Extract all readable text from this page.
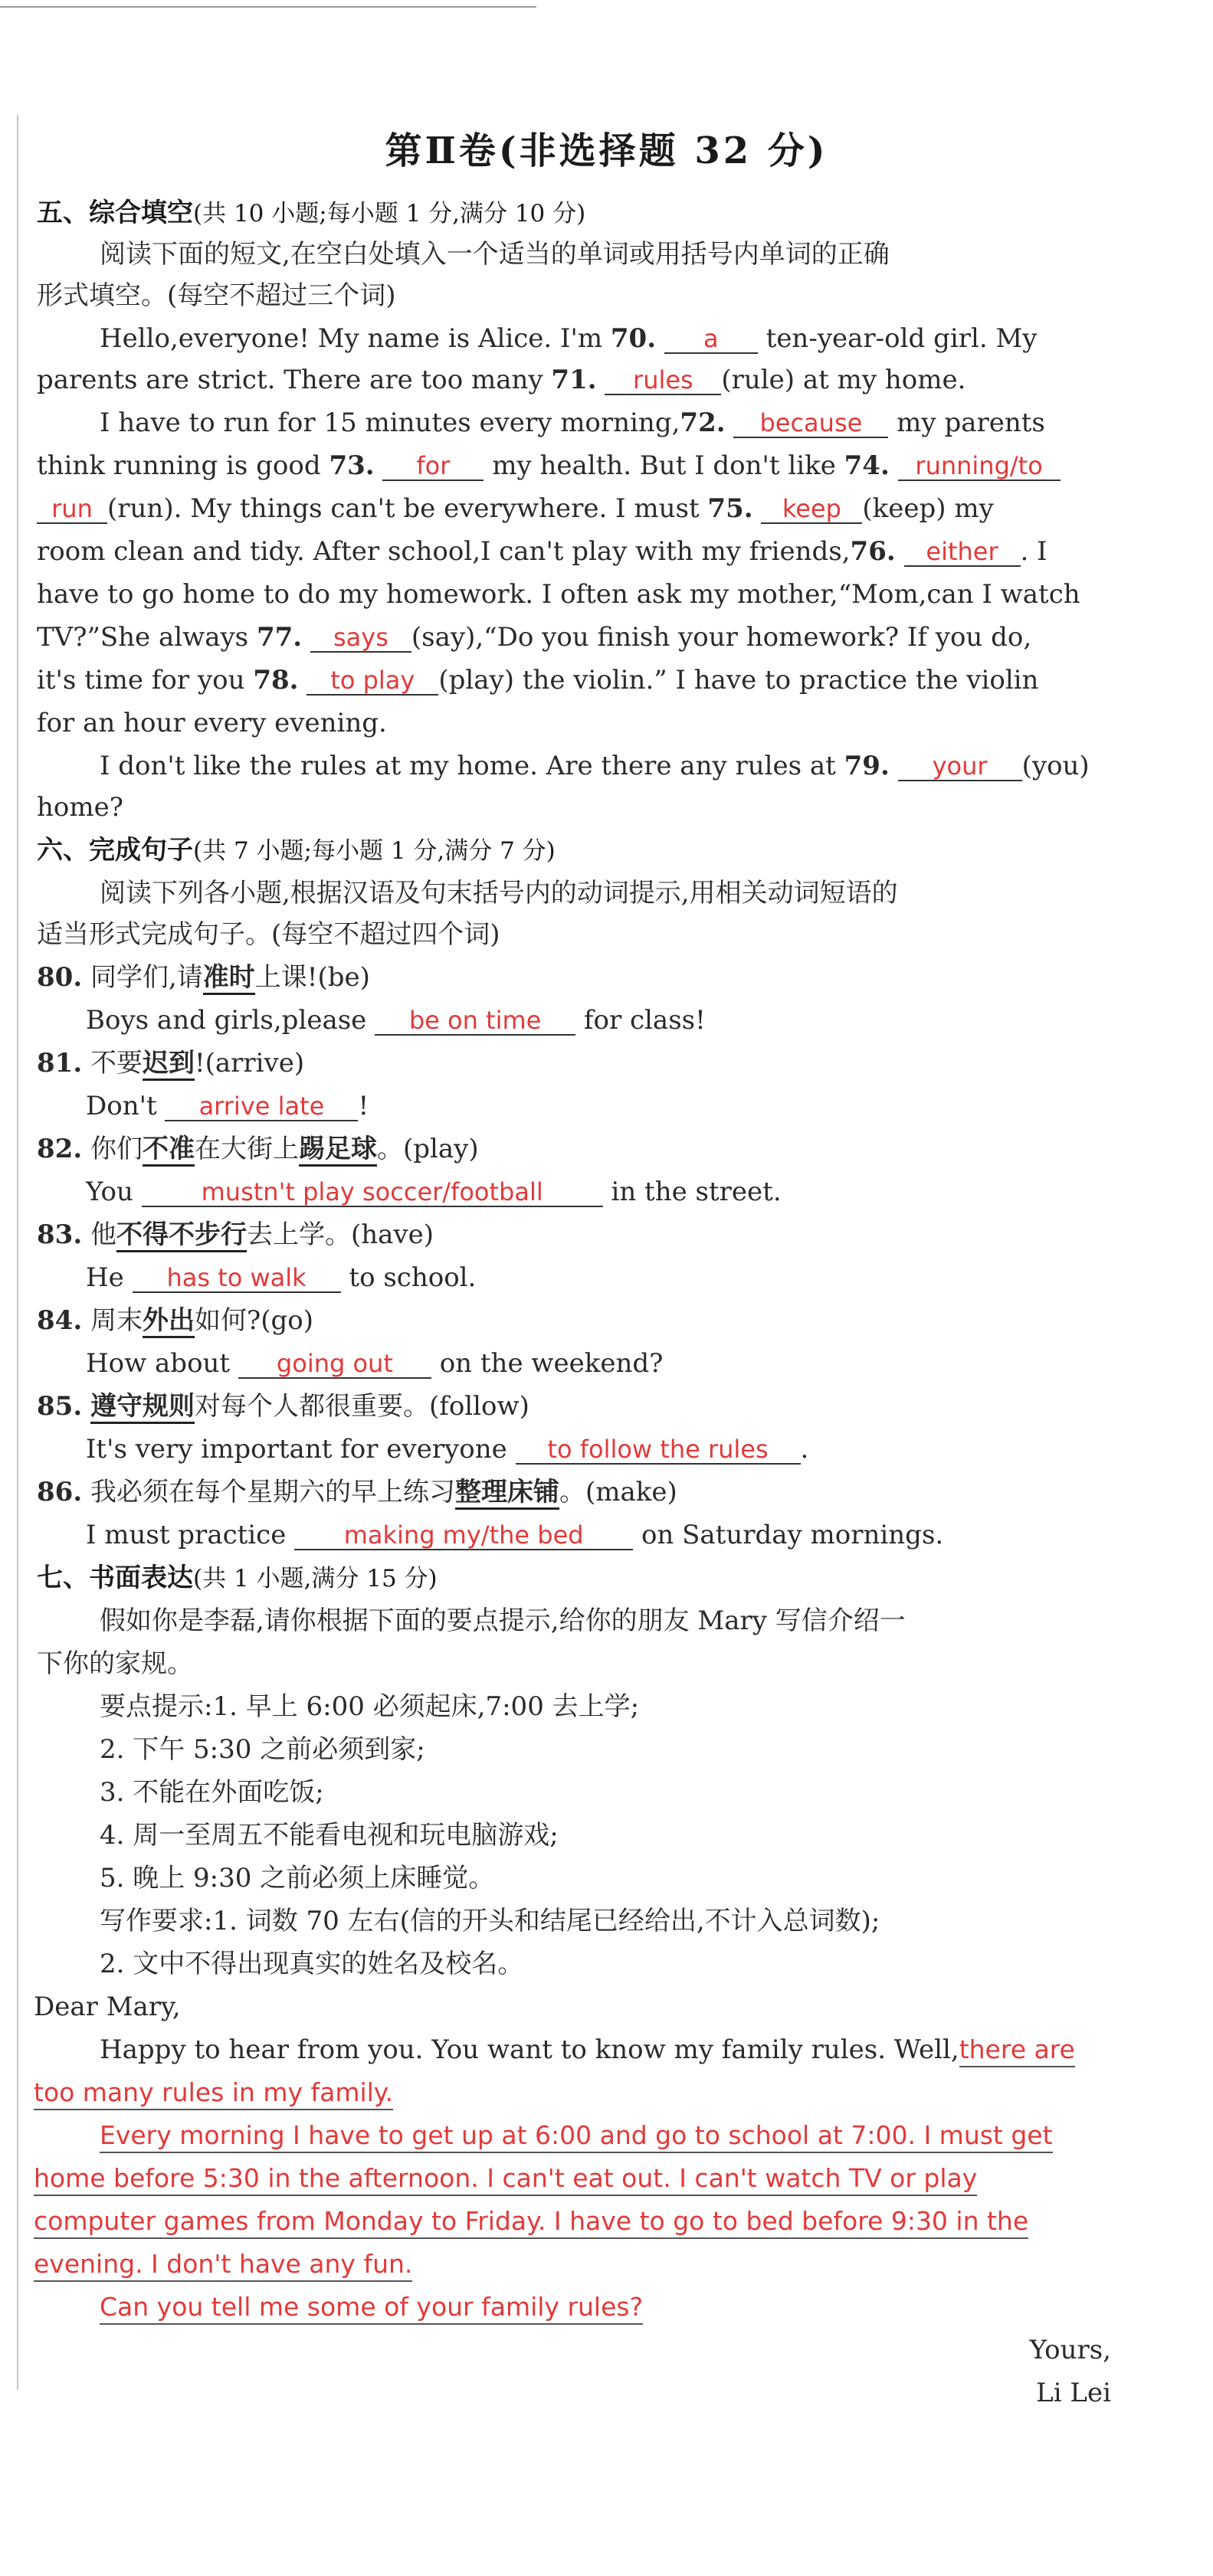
第Ⅱ卷(非选择题 32 分)
五、综合填空(共 10 小题;每小题 1 分,满分 10 分)
阅读下面的短文,在空白处填入一个适当的单词或用括号内单词的正确
形式填空。(每空不超过三个词)
Hello,everyone! My name is Alice. I'm 70. a ten-year-old girl. My
parents are strict. There are too many 71. rules (rule) at my home.
I have to run for 15 minutes every morning,72. because my parents
think running is good 73. for my health. But I don't like 74. running/to
run (run). My things can't be everywhere. I must 75. keep (keep) my
room clean and tidy. After school,I can't play with my friends,76. either . I
have to go home to do my homework. I often ask my mother,“Mom,can I watch
TV?”She always 77. says (say),“Do you finish your homework? If you do,
it's time for you 78. to play (play) the violin.” I have to practice the violin
for an hour every evening.
I don't like the rules at my home. Are there any rules at 79. your (you)
home?
六、完成句子(共 7 小题;每小题 1 分,满分 7 分)
阅读下列各小题,根据汉语及句末括号内的动词提示,用相关动词短语的
适当形式完成句子。(每空不超过四个词)
80. 同学们,请准时上课!(be)
Boys and girls,please be on time for class!
81. 不要迟到!(arrive)
Don't arrive late !
82. 你们不准在大街上踢足球。(play)
You mustn't play soccer/football in the street.
83. 他不得不步行去上学。(have)
He has to walk to school.
84. 周末外出如何?(go)
How about going out on the weekend?
85. 遵守规则对每个人都很重要。(follow)
It's very important for everyone to follow the rules .
86. 我必须在每个星期六的早上练习整理床铺。(make)
I must practice making my/the bed on Saturday mornings.
七、书面表达(共 1 小题,满分 15 分)
假如你是李磊,请你根据下面的要点提示,给你的朋友 Mary 写信介绍一
下你的家规。
要点提示:1. 早上 6:00 必须起床,7:00 去上学;
2. 下午 5:30 之前必须到家;
3. 不能在外面吃饭;
4. 周一至周五不能看电视和玩电脑游戏;
5. 晚上 9:30 之前必须上床睡觉。
写作要求:1. 词数 70 左右(信的开头和结尾已经给出,不计入总词数);
2. 文中不得出现真实的姓名及校名。
Dear Mary,
Happy to hear from you. You want to know my family rules. Well,there are
too many rules in my family.
Every morning I have to get up at 6:00 and go to school at 7:00. I must get
home before 5:30 in the afternoon. I can't eat out. I can't watch TV or play
computer games from Monday to Friday. I have to go to bed before 9:30 in the
evening. I don't have any fun.
Can you tell me some of your family rules?
Yours,
Li Lei
